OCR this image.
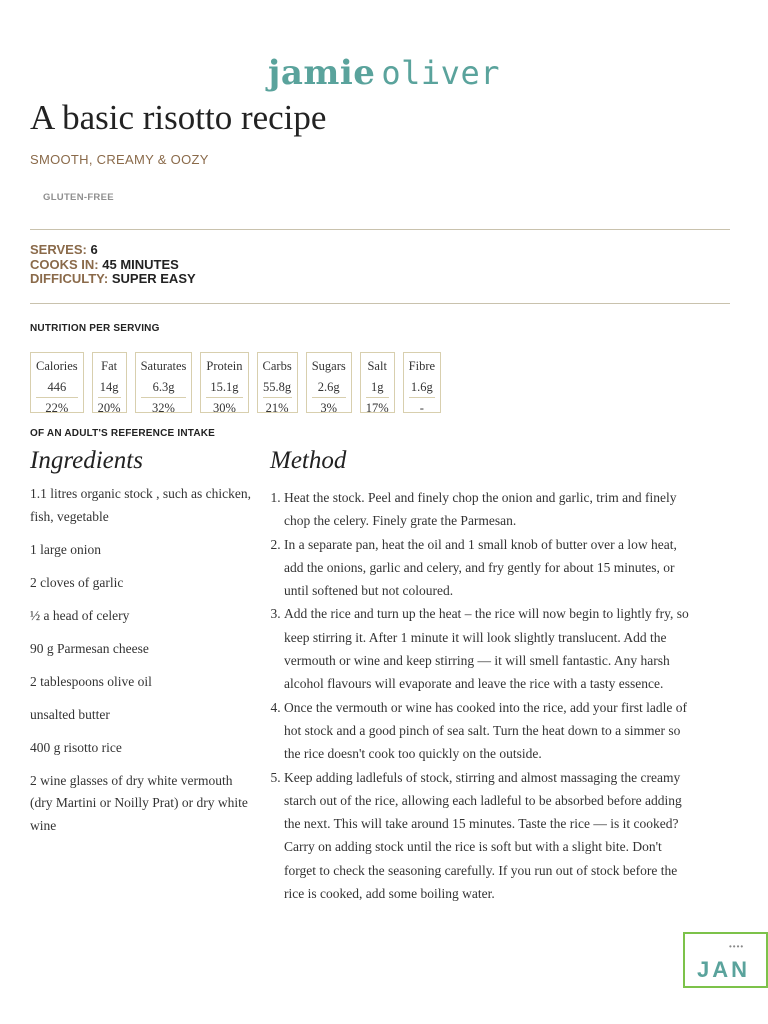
jamie oliver
A basic risotto recipe
SMOOTH, CREAMY & OOZY
GLUTEN-FREE
SERVES: 6
COOKS IN: 45 MINUTES
DIFFICULTY: SUPER EASY
NUTRITION PER SERVING
Calories
446
22%
Fat
14g
20%
Saturates
6.3g
32%
Protein
15.1g
30%
Carbs
55.8g
21%
Sugars
2.6g
3%
Salt
1g
17%
Fibre
1.6g
-
OF AN ADULT'S REFERENCE INTAKE
Ingredients
1.1 litres organic stock , such as chicken, fish, vegetable
1 large onion
2 cloves of garlic
½ a head of celery
90 g Parmesan cheese
2 tablespoons olive oil
unsalted butter
400 g risotto rice
2 wine glasses of dry white vermouth (dry Martini or Noilly Prat) or dry white wine
Method
1. Heat the stock. Peel and finely chop the onion and garlic, trim and finely chop the celery. Finely grate the Parmesan.
2. In a separate pan, heat the oil and 1 small knob of butter over a low heat, add the onions, garlic and celery, and fry gently for about 15 minutes, or until softened but not coloured.
3. Add the rice and turn up the heat – the rice will now begin to lightly fry, so keep stirring it. After 1 minute it will look slightly translucent. Add the vermouth or wine and keep stirring — it will smell fantastic. Any harsh alcohol flavours will evaporate and leave the rice with a tasty essence.
4. Once the vermouth or wine has cooked into the rice, add your first ladle of hot stock and a good pinch of sea salt. Turn the heat down to a simmer so the rice doesn't cook too quickly on the outside.
5. Keep adding ladlefuls of stock, stirring and almost massaging the creamy starch out of the rice, allowing each ladleful to be absorbed before adding the next. This will take around 15 minutes. Taste the rice — is it cooked? Carry on adding stock until the rice is soft but with a slight bite. Don't forget to check the seasoning carefully. If you run out of stock before the rice is cooked, add some boiling water.
••••
JAN
